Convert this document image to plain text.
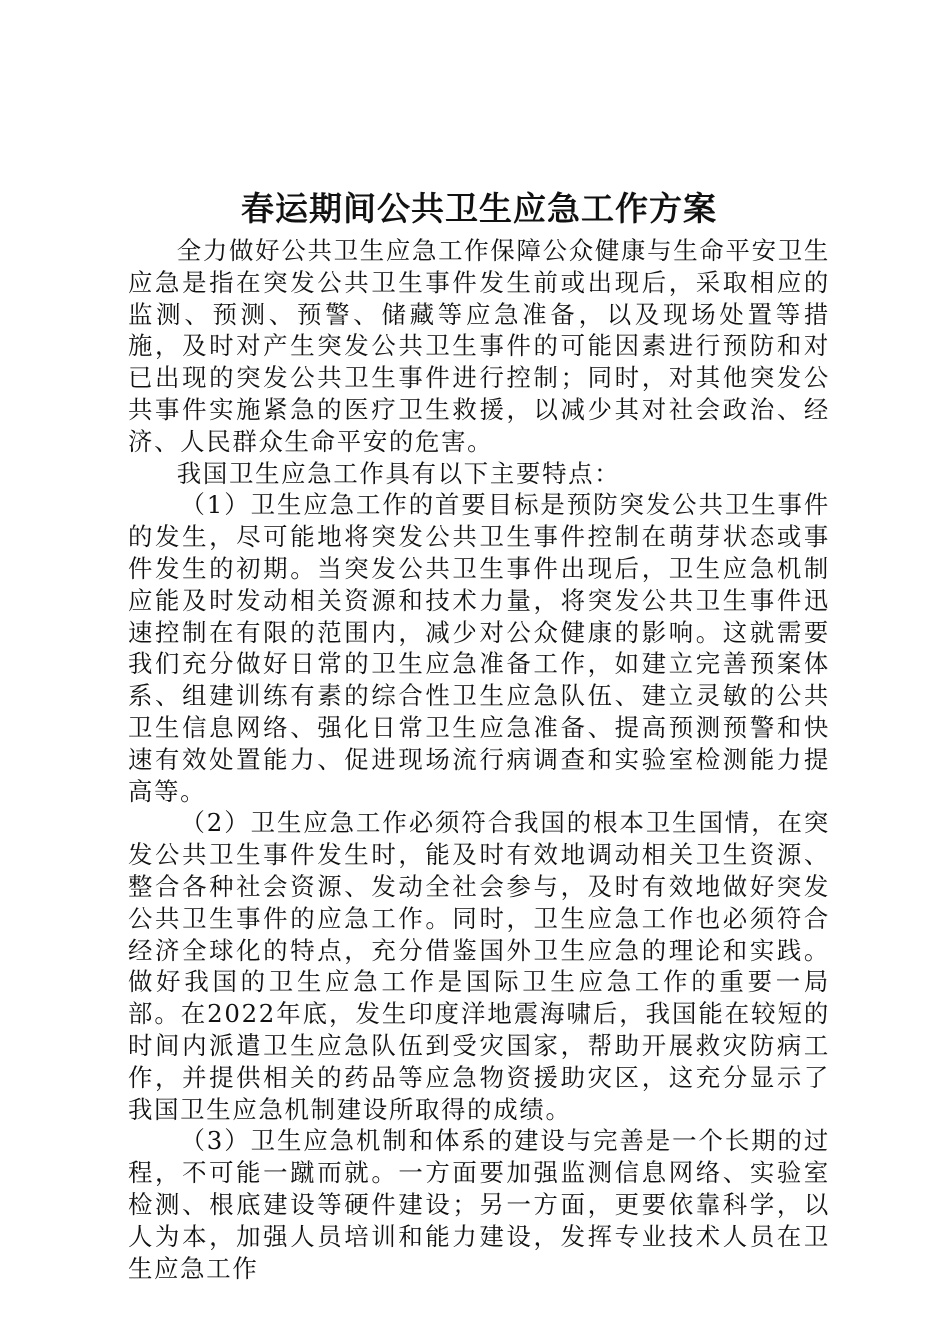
春运期间公共卫生应急工作方案

全力做好公共卫生应急工作保障公众健康与生命平安卫生应急是指在突发公共卫生事件发生前或出现后，采取相应的监测、预测、预警、储藏等应急准备，以及现场处置等措施，及时对产生突发公共卫生事件的可能因素进行预防和对已出现的突发公共卫生事件进行控制；同时，对其他突发公共事件实施紧急的医疗卫生救援，以减少其对社会政治、经济、人民群众生命平安的危害。

我国卫生应急工作具有以下主要特点：

（1）卫生应急工作的首要目标是预防突发公共卫生事件的发生，尽可能地将突发公共卫生事件控制在萌芽状态或事件发生的初期。当突发公共卫生事件出现后，卫生应急机制应能及时发动相关资源和技术力量，将突发公共卫生事件迅速控制在有限的范围内，减少对公众健康的影响。这就需要我们充分做好日常的卫生应急准备工作，如建立完善预案体系、组建训练有素的综合性卫生应急队伍、建立灵敏的公共卫生信息网络、强化日常卫生应急准备、提高预测预警和快速有效处置能力、促进现场流行病调查和实验室检测能力提高等。

（2）卫生应急工作必须符合我国的根本卫生国情，在突发公共卫生事件发生时，能及时有效地调动相关卫生资源、整合各种社会资源、发动全社会参与，及时有效地做好突发公共卫生事件的应急工作。同时，卫生应急工作也必须符合经济全球化的特点，充分借鉴国外卫生应急的理论和实践。做好我国的卫生应急工作是国际卫生应急工作的重要一局部。在2022年底，发生印度洋地震海啸后，我国能在较短的时间内派遣卫生应急队伍到受灾国家，帮助开展救灾防病工作，并提供相关的药品等应急物资援助灾区，这充分显示了我国卫生应急机制建设所取得的成绩。

（3）卫生应急机制和体系的建设与完善是一个长期的过程，不可能一蹴而就。一方面要加强监测信息网络、实验室检测、根底建设等硬件建设；另一方面，更要依靠科学，以人为本，加强人员培训和能力建设，发挥专业技术人员在卫生应急工作
